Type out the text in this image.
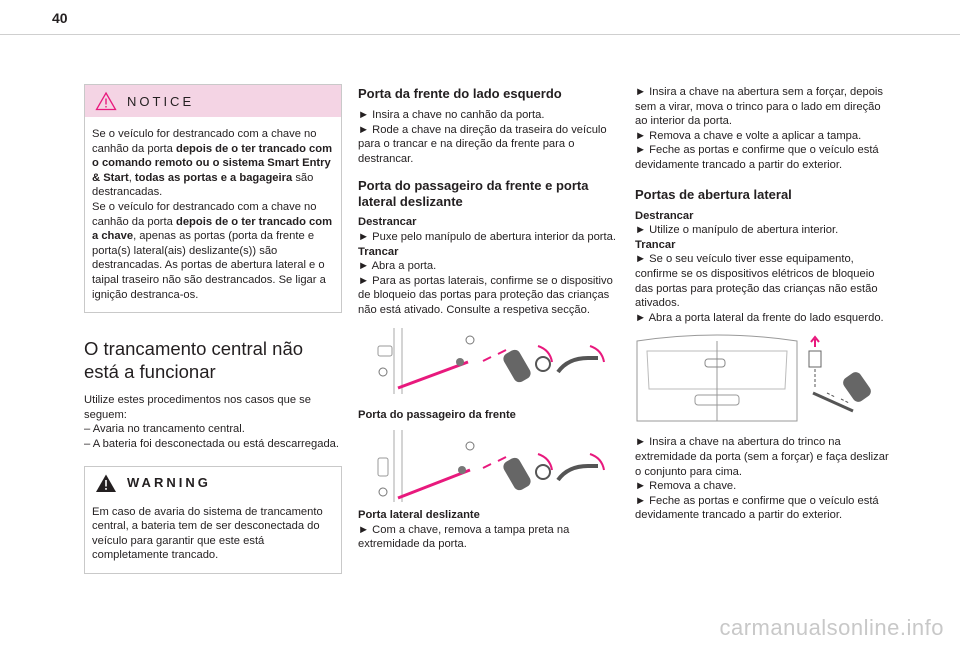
40
NOTICE

Se o veículo for destrancado com a chave no canhão da porta depois de o ter trancado com o comando remoto ou o sistema Smart Entry & Start, todas as portas e a bagageira são destrancadas.

Se o veículo for destrancado com a chave no canhão da porta depois de o ter trancado com a chave, apenas as portas (porta da frente e porta(s) lateral(ais) deslizante(s)) são destrancadas. As portas de abertura lateral e o taipal traseiro não são destrancados. Se ligar a ignição destranca-os.

O trancamento central não está a funcionar

Utilize estes procedimentos nos casos que se seguem:

– Avaria no trancamento central.

– A bateria foi desconectada ou está descarregada.

WARNING

Em caso de avaria do sistema de trancamento central, a bateria tem de ser desconectada do veículo para garantir que este está completamente trancado.

Porta da frente do lado esquerdo

► Insira a chave no canhão da porta.

► Rode a chave na direção da traseira do veículo para o trancar e na direção da frente para o destrancar.

Porta do passageiro da frente e porta lateral deslizante

Destrancar

► Puxe pelo manípulo de abertura interior da porta.

Trancar

► Abra a porta.

► Para as portas laterais, confirme se o dispositivo de bloqueio das portas para proteção das crianças não está ativado. Consulte a respetiva secção.

Porta do passageiro da frente

Porta lateral deslizante

► Com a chave, remova a tampa preta na extremidade da porta.

► Insira a chave na abertura sem a forçar, depois sem a virar, mova o trinco para o lado em direção ao interior da porta.

► Remova a chave e volte a aplicar a tampa.

► Feche as portas e confirme que o veículo está devidamente trancado a partir do exterior.

Portas de abertura lateral

Destrancar

► Utilize o manípulo de abertura interior.

Trancar

► Se o seu veículo tiver esse equipamento, confirme se os dispositivos elétricos de bloqueio das portas para proteção das crianças não estão ativados.

► Abra a porta lateral da frente do lado esquerdo.

► Insira a chave na abertura do trinco na extremidade da porta (sem a forçar) e faça deslizar o conjunto para cima.

► Remova a chave.

► Feche as portas e confirme que o veículo está devidamente trancado a partir do exterior.

carmanualsonline.info
